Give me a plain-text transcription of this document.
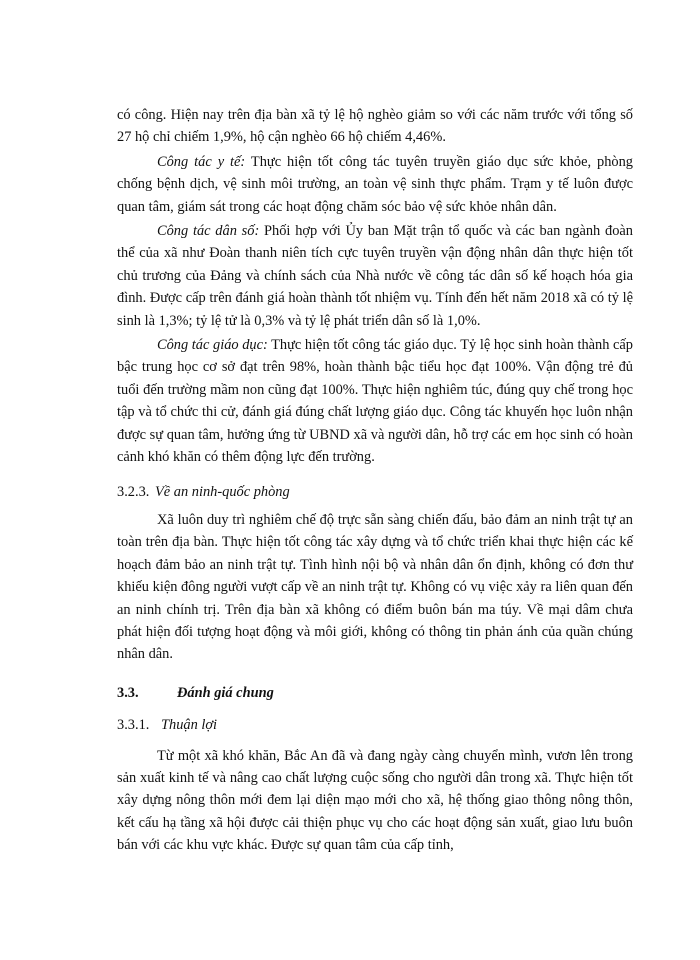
có công. Hiện nay trên địa bàn xã tỷ lệ hộ nghèo giảm so với các năm trước với tổng số 27 hộ chỉ chiếm 1,9%, hộ cận nghèo 66 hộ chiếm 4,46%.

Công tác y tế: Thực hiện tốt công tác tuyên truyền giáo dục sức khỏe, phòng chống bệnh dịch, vệ sinh môi trường, an toàn vệ sinh thực phẩm. Trạm y tế luôn được quan tâm, giám sát trong các hoạt động chăm sóc bảo vệ sức khỏe nhân dân.

Công tác dân số: Phối hợp với Ủy ban Mặt trận tổ quốc và các ban ngành đoàn thể của xã như Đoàn thanh niên tích cực tuyên truyền vận động nhân dân thực hiện tốt chủ trương của Đảng và chính sách của Nhà nước về công tác dân số kế hoạch hóa gia đình. Được cấp trên đánh giá hoàn thành tốt nhiệm vụ. Tính đến hết năm 2018 xã có tỷ lệ sinh là 1,3%; tỷ lệ tử là 0,3% và tỷ lệ phát triển dân số là 1,0%.

Công tác giáo dục: Thực hiện tốt công tác giáo dục. Tỷ lệ học sinh hoàn thành cấp bậc trung học cơ sở đạt trên 98%, hoàn thành bậc tiểu học đạt 100%. Vận động trẻ đủ tuổi đến trường mầm non cũng đạt 100%. Thực hiện nghiêm túc, đúng quy chế trong học tập và tổ chức thi cử, đánh giá đúng chất lượng giáo dục. Công tác khuyến học luôn nhận được sự quan tâm, hưởng ứng từ UBND xã và người dân, hỗ trợ các em học sinh có hoàn cảnh khó khăn có thêm động lực đến trường.

3.2.3. Về an ninh-quốc phòng

Xã luôn duy trì nghiêm chế độ trực sẵn sàng chiến đấu, bảo đảm an ninh trật tự an toàn trên địa bàn. Thực hiện tốt công tác xây dựng và tổ chức triển khai thực hiện các kế hoạch đảm bảo an ninh trật tự. Tình hình nội bộ và nhân dân ổn định, không có đơn thư khiếu kiện đông người vượt cấp về an ninh trật tự. Không có vụ việc xảy ra liên quan đến an ninh chính trị. Trên địa bàn xã không có điểm buôn bán ma túy. Về mại dâm chưa phát hiện đối tượng hoạt động và môi giới, không có thông tin phản ánh của quần chúng nhân dân.

3.3.	Đánh giá chung
3.3.1. Thuận lợi

Từ một xã khó khăn, Bắc An đã và đang ngày càng chuyển mình, vươn lên trong sản xuất kinh tế và nâng cao chất lượng cuộc sống cho người dân trong xã. Thực hiện tốt xây dựng nông thôn mới đem lại diện mạo mới cho xã, hệ thống giao thông nông thôn, kết cấu hạ tầng xã hội được cải thiện phục vụ cho các hoạt động sản xuất, giao lưu buôn bán với các khu vực khác. Được sự quan tâm của cấp tỉnh,
